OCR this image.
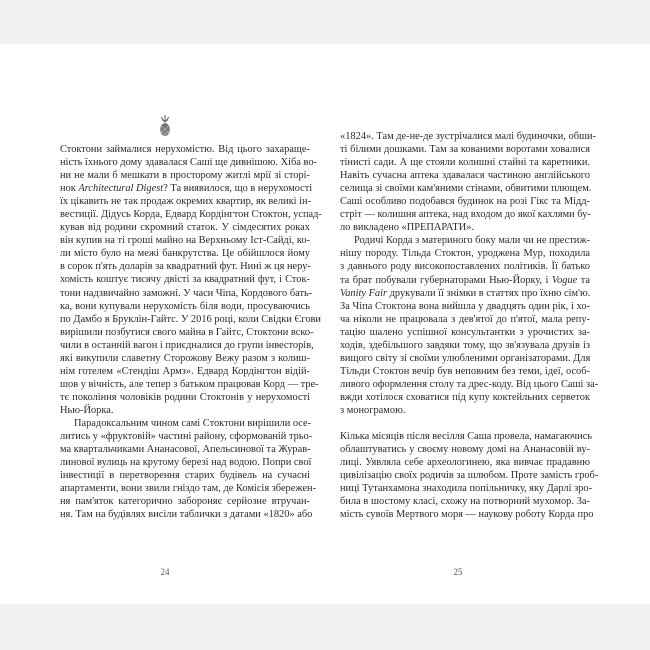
Стоктони займалися нерухомістю. Від цього захараще-
ність їхнього дому здавалася Саші ще дивнішою. Хіба во-
ни не мали б мешкати в просторому житлі мрії зі сторі-
нок Architectural Digest? Та виявилося, що в нерухомості
їх цікавить не так продаж окремих квартир, як великі ін-
вестиції. Дідусь Корда, Едвард Кордінгтон Стоктон, успад-
кував від родини скромний статок. У сімдесятих роках
він купив на ті гроші майно на Верхньому Іст-Сайді, ко-
ли місто було на межі банкрутства. Це обійшлося йому
в сорок п'ять доларів за квадратний фут. Нині ж ця неру-
хомість коштує тисячу двісті за квадратний фут, і Сток-
тони надзвичайно заможні. У часи Чіпа, Кордового бать-
ка, вони купували нерухомість біля води, просуваючись
по Дамбо в Бруклін-Гайтс. У 2016 році, коли Свідки Єгови
вирішили позбутися свого майна в Гайтс, Стоктони вско-
чили в останній вагон і приєдналися до групи інвесторів,
які викупили славетну Сторожову Вежу разом з колиш-
нім готелем «Стендіш Армз». Едвард Кордінгтон відій-
шов у вічність, але тепер з батьком працював Корд — тре-
тє покоління чоловіків родини Стоктонів у нерухомості
Нью-Йорка.
Парадоксальним чином самі Стоктони вирішили осе-
литись у «фруктовій» частині району, сформованій трьо-
ма квартальчиками Ананасової, Апельсинової та Журав-
линової вулиць на крутому березі над водою. Попри свої
інвестиції в перетворення старих будівель на сучасні
апартаменти, вони звили гніздо там, де Комісія збережен-
ня пам'яток категорично забороняє серйозне втручан-
ня. Там на будівлях висіли таблички з датами «1820» або
«1824». Там де-не-де зустрічалися малі будиночки, обши-
ті білими дошками. Там за кованими воротами ховалися
тінисті сади. А ще стояли колишні стайні та каретники.
Навіть сучасна аптека здавалася частиною англійського
селища зі своїми кам'яними стінами, обвитими плющем.
Саші особливо подобався будинок на розі Гікс та Мідд-
стріт — колишня аптека, над входом до якої кахлями бу-
ло викладено «ПРЕПАРАТИ».
Родичі Корда з материного боку мали чи не престиж-
нішу породу. Тільда Стоктон, уроджена Мур, походила
з давнього роду високопоставлених політиків. Її батько
та брат побували губернаторами Нью-Йорку, і Vogue та
Vanity Fair друкували її знімки в статтях про їхню сім'ю.
За Чіпа Стоктона вона вийшла у двадцять один рік, і хо-
ча ніколи не працювала з дев'ятої до п'ятої, мала репу-
тацію шалено успішної консультантки з урочистих за-
ходів, здебільшого завдяки тому, що зв'язувала друзів із
вищого світу зі своїми улюбленими організаторами. Для
Тільди Стоктон вечір був неповним без теми, ідеї, особ-
ливого оформлення столу та дрес-коду. Від цього Саші за-
вжди хотілося сховатися під купу коктейльних серветок
з монограмою.
Кілька місяців після весілля Саша провела, намагаючись
облаштуватись у своєму новому домі на Ананасовій ву-
лиці. Уявляла себе археологинею, яка вивчає прадавню
цивілізацію своїх родичів за шлюбом. Проте замість гроб-
ниці Тутанхамона знаходила попільничку, яку Дарлі зро-
била в шостому класі, схожу на потворний мухомор. За-
мість сувоїв Мертвого моря — наукову роботу Корда про
24	25
